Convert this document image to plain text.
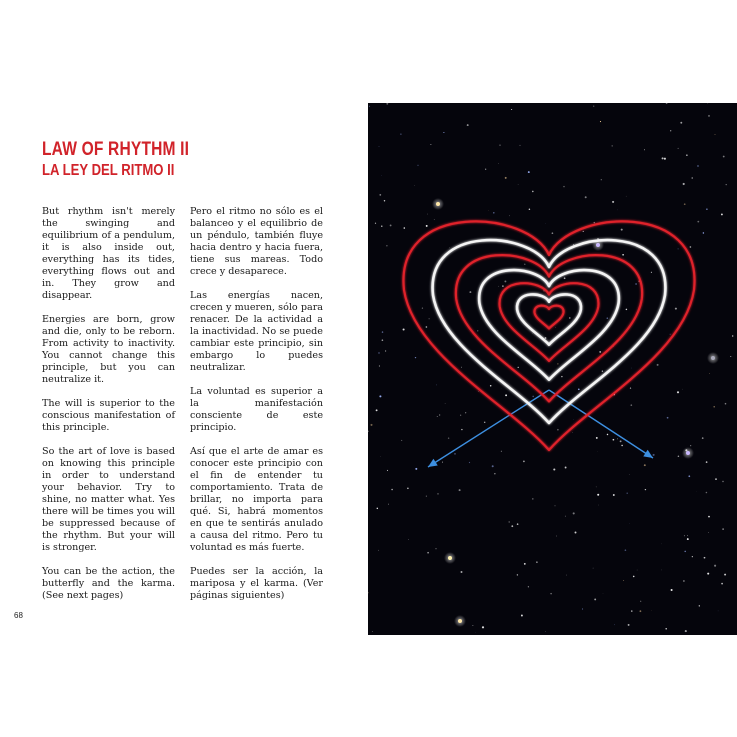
LAW OF RHYTHM II
LA LEY DEL RITMO II

But rhythm isn't merely the swinging and equilibrium of a pendulum, it is also inside out, everything has its tides, everything flows out and in. They grow and disappear.

Energies are born, grow and die, only to be reborn. From activity to inactivity. You cannot change this principle, but you can neutralize it.

The will is superior to the conscious manifestation of this principle.

So the art of love is based on knowing this principle in order to understand your behavior. Try to shine, no matter what. Yes there will be times you will be suppressed because of the rhythm. But your will is stronger.

You can be the action, the butterfly and the karma. (See next pages)

Pero el ritmo no sólo es el balanceo y el equilibrio de un péndulo, también fluye hacia dentro y hacia fuera, tiene sus mareas. Todo crece y desaparece.

Las energías nacen, crecen y mueren, sólo para renacer. De la actividad a la inactividad. No se puede cambiar este principio, sin embargo lo puedes neutralizar.

La voluntad es superior a la manifestación consciente de este principio.

Así que el arte de amar es conocer este principio con el fin de entender tu comportamiento. Trata de brillar, no importa para qué. Si, habrá momentos en que te sentirás anulado a causa del ritmo. Pero tu voluntad es más fuerte.

Puedes ser la acción, la mariposa y el karma. (Ver páginas siguientes)

68
